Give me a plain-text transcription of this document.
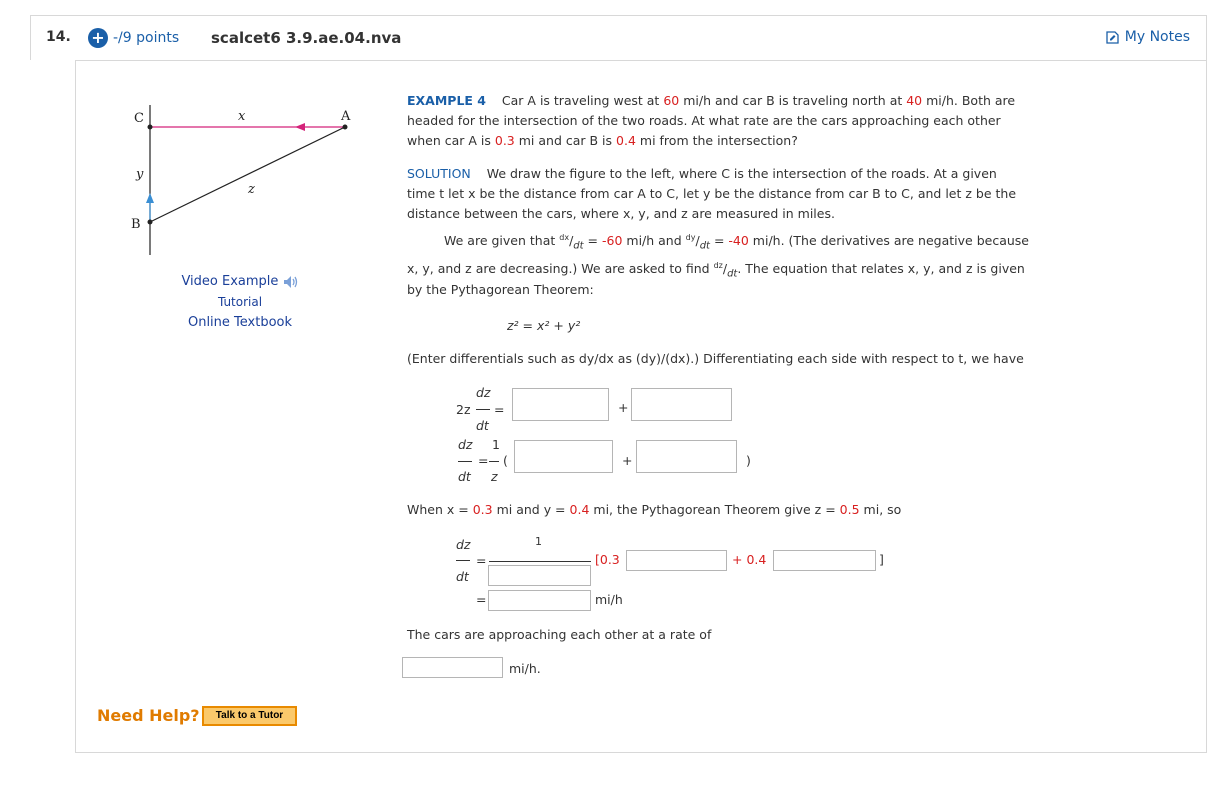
14. + -/9 points scalcet6 3.9.ae.04.nva	My Notes
C	x	A
y
z
B
Video Example
Tutorial
Online Textbook
Need Help?	Talk to a Tutor
EXAMPLE 4 Car A is traveling west at 60 mi/h and car B is traveling north at 40 mi/h. Both are
headed for the intersection of the two roads. At what rate are the cars approaching each other
when car A is 0.3 mi and car B is 0.4 mi from the intersection?
SOLUTION We draw the figure to the left, where C is the intersection of the roads. At a given
time t let x be the distance from car A to C, let y be the distance from car B to C, and let z be the
distance between the cars, where x, y, and z are measured in miles.
We are given that $^{dx}/_{dt} = -60$ mi/h and $^{dy}/_{dt} = -40$ mi/h. (The derivatives are negative because
x, y, and z are decreasing.) We are asked to find $^{dz}/_{dt}$. The equation that relates x, y, and z is given
by the Pythagorean Theorem:
z² = x² + y²
(Enter differentials such as dy/dx as (dy)/(dx).) Differentiating each side with respect to t, we have
2z
dz
dt
=	+
dz
dt
=
1
z
(	+	)
When x = 0.3 mi and y = 0.4 mi, the Pythagorean Theorem give z = 0.5 mi, so
dz
dt
=
1
[0.3	+ 0.4	]
=	mi/h
The cars are approaching each other at a rate of
mi/h.
